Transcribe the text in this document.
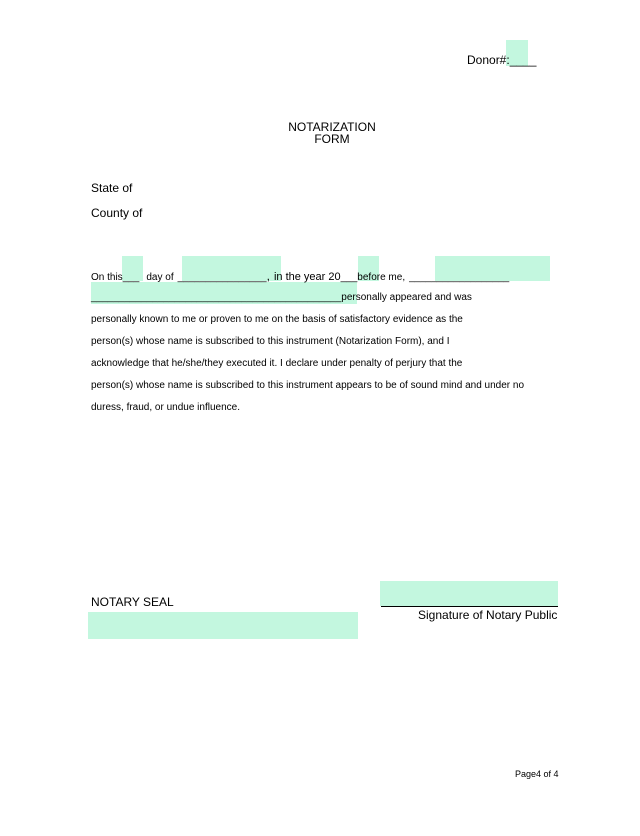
Donor#:____
NOTARIZATION
FORM
State of
County of
On this___ day of ________________, in the year 20___before me, __________________
_____________________________________________personally appeared and was
personally known to me or proven to me on the basis of satisfactory evidence as the
person(s) whose name is subscribed to this instrument (Notarization Form), and I
acknowledge that he/she/they executed it. I declare under penalty of perjury that the
person(s) whose name is subscribed to this instrument appears to be of sound mind and under no
duress, fraud, or undue influence.
NOTARY SEAL
Signature of Notary Public
Page4 of 4
